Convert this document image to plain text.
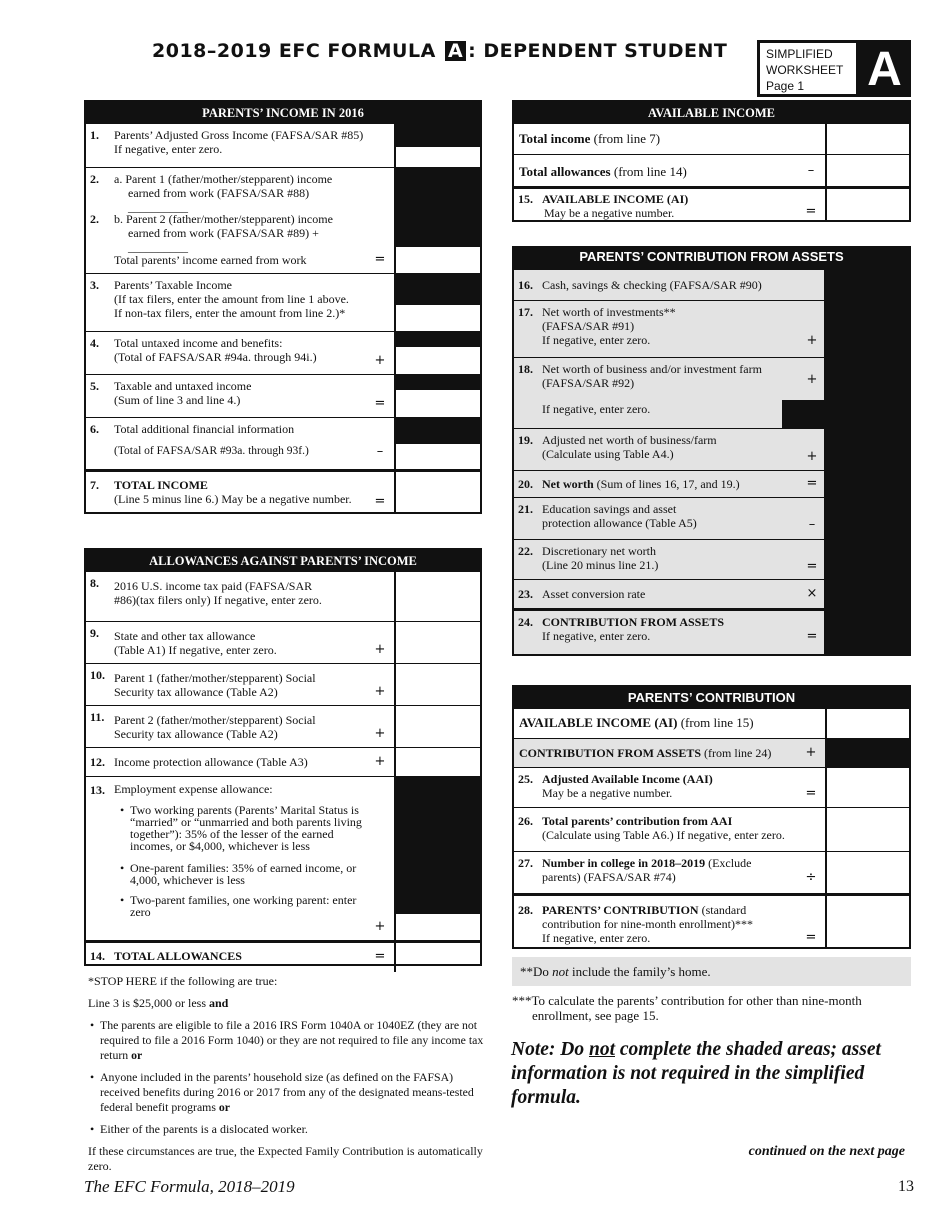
2018–2019 EFC FORMULA A : DEPENDENT STUDENT	SIMPLIFIED
WORKSHEET
Page 1	A
PARENTS’ INCOME IN 2016
1. Parents’ Adjusted Gross Income (FAFSA/SAR #85)
If negative, enter zero.
2. a. Parent 1 (father/mother/stepparent) income
earned from work (FAFSA/SAR #88) __________
2. b. Parent 2 (father/mother/stepparent) income
earned from work (FAFSA/SAR #89) + __________
Total parents’ income earned from work	=
3. Parents’ Taxable Income
(If tax filers, enter the amount from line 1 above.
If non-tax filers, enter the amount from line 2.)*
4. Total untaxed income and benefits:
(Total of FAFSA/SAR #94a. through 94i.)	+
5. Taxable and untaxed income
(Sum of line 3 and line 4.)	=
6. Total additional financial information
(Total of FAFSA/SAR #93a. through 93f.)	–
7. TOTAL INCOME
(Line 5 minus line 6.) May be a negative number.	=
ALLOWANCES AGAINST PARENTS’ INCOME
8. 2016 U.S. income tax paid (FAFSA/SAR
#86)(tax filers only) If negative, enter zero.
9. State and other tax allowance
(Table A1) If negative, enter zero.	+
10. Parent 1 (father/mother/stepparent) Social
Security tax allowance (Table A2)	+
11. Parent 2 (father/mother/stepparent) Social
Security tax allowance (Table A2)	+
12. Income protection allowance (Table A3)	+
13. Employment expense allowance:
• Two working parents (Parents’ Marital Status is “married” or “unmarried and both parents living together”): 35% of the lesser of the earned incomes, or $4,000, whichever is less
• One-parent families: 35% of earned income, or 4,000, whichever is less
• Two-parent families, one working parent: enter zero
+
14. TOTAL ALLOWANCES	=
AVAILABLE INCOME
Total income (from line 7)
Total allowances (from line 14)	–
15. AVAILABLE INCOME (AI)
May be a negative number.	=
PARENTS’ CONTRIBUTION FROM ASSETS
16. Cash, savings & checking (FAFSA/SAR #90)
17. Net worth of investments**
(FAFSA/SAR #91)
If negative, enter zero.	+
18. Net worth of business and/or investment farm
(FAFSA/SAR #92)
If negative, enter zero.
+
19. Adjusted net worth of business/farm
(Calculate using Table A4.)	+
20. Net worth (Sum of lines 16, 17, and 19.)	=
21. Education savings and asset
protection allowance (Table A5)	–
22. Discretionary net worth
(Line 20 minus line 21.)	=
23. Asset conversion rate	×
24. CONTRIBUTION FROM ASSETS
If negative, enter zero.	=
PARENTS’ CONTRIBUTION
AVAILABLE INCOME (AI) (from line 15)
CONTRIBUTION FROM ASSETS (from line 24)	+
25. Adjusted Available Income (AAI)
May be a negative number.	=
26. Total parents’ contribution from AAI
(Calculate using Table A6.) If negative, enter zero.
27. Number in college in 2018–2019 (Exclude
parents) (FAFSA/SAR #74)	÷
28. PARENTS’ CONTRIBUTION (standard
contribution for nine-month enrollment)***
If negative, enter zero.	=
**Do not include the family’s home.
***To calculate the parents’ contribution for other than nine-month enrollment, see page 15.
Note: Do not complete the shaded areas; asset information is not required in the simplified formula.
continued on the next page
*STOP HERE if the following are true:
Line 3 is $25,000 or less and
• The parents are eligible to file a 2016 IRS Form 1040A or 1040EZ (they are not required to file a 2016 Form 1040) or they are not required to file any income tax return or
• Anyone included in the parents’ household size (as defined on the FAFSA) received benefits during 2016 or 2017 from any of the designated means-tested federal benefit programs or
• Either of the parents is a dislocated worker.
If these circumstances are true, the Expected Family Contribution is automatically zero.
The EFC Formula, 2018–2019	13
